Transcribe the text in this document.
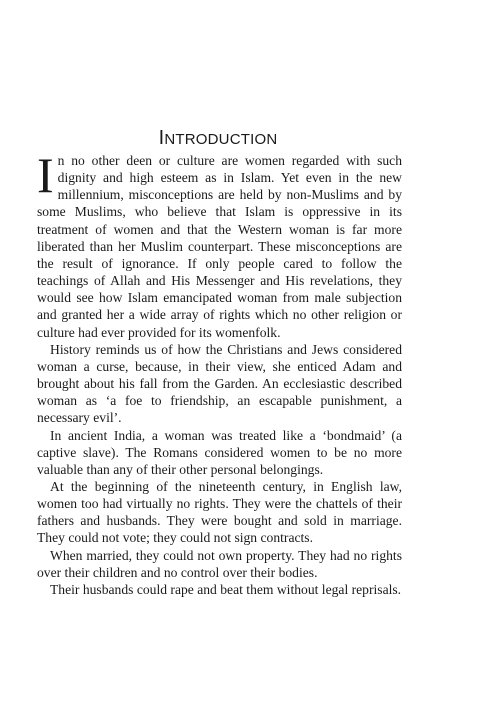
INTRODUCTION

In no other deen or culture are women regarded with such dignity and high esteem as in Islam. Yet even in the new millennium, misconceptions are held by non-Muslims and by some Muslims, who believe that Islam is oppressive in its treatment of women and that the Western woman is far more liberated than her Muslim counterpart. These misconceptions are the result of ignorance. If only people cared to follow the teachings of Allah and His Messenger and His revelations, they would see how Islam emancipated woman from male subjection and granted her a wide array of rights which no other religion or culture had ever provided for its womenfolk.

History reminds us of how the Christians and Jews considered woman a curse, because, in their view, she enticed Adam and brought about his fall from the Garden. An ecclesiastic described woman as ‘a foe to friendship, an escapable punishment, a necessary evil’.

In ancient India, a woman was treated like a ‘bondmaid’ (a captive slave). The Romans considered women to be no more valuable than any of their other personal belongings.

At the beginning of the nineteenth century, in English law, women too had virtually no rights. They were the chattels of their fathers and husbands. They were bought and sold in marriage. They could not vote; they could not sign contracts.

When married, they could not own property. They had no rights over their children and no control over their bodies.

Their husbands could rape and beat them without legal reprisals.
